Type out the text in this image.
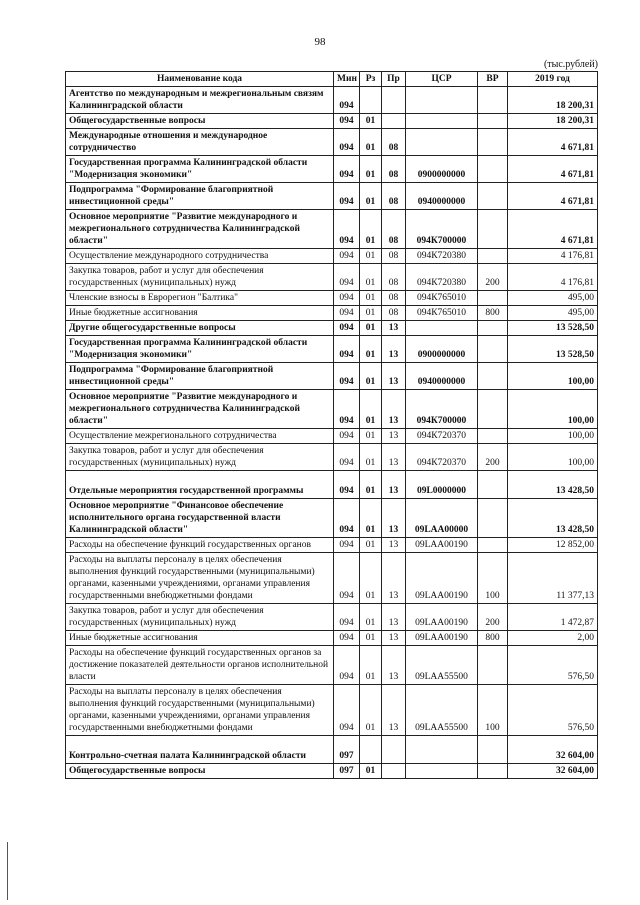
98
(тыс.рублей)
Наименование кода	Мин	Рз	Пр	ЦСР	ВР	2019 год
Агентство по международным и межрегиональным связям Калининградской области	094					18 200,31
Общегосударственные вопросы	094	01				18 200,31
Международные отношения и международное сотрудничество	094	01	08			4 671,81
Государственная программа Калининградской области "Модернизация экономики"	094	01	08	0900000000		4 671,81
Подпрограмма "Формирование благоприятной инвестиционной среды"	094	01	08	0940000000		4 671,81
Основное мероприятие "Развитие международного и межрегионального сотрудничества Калининградской области"	094	01	08	094К700000		4 671,81
Осуществление международного сотрудничества	094	01	08	094К720380		4 176,81
Закупка товаров, работ и услуг для обеспечения государственных (муниципальных) нужд	094	01	08	094К720380	200	4 176,81
Членские взносы в Еврорегион "Балтика"	094	01	08	094К765010		495,00
Иные бюджетные ассигнования	094	01	08	094К765010	800	495,00
Другие общегосударственные вопросы	094	01	13			13 528,50
Государственная программа Калининградской области "Модернизация экономики"	094	01	13	0900000000		13 528,50
Подпрограмма "Формирование благоприятной инвестиционной среды"	094	01	13	0940000000		100,00
Основное мероприятие "Развитие международного и межрегионального сотрудничества Калининградской области"	094	01	13	094К700000		100,00
Осуществление межрегионального сотрудничества	094	01	13	094К720370		100,00
Закупка товаров, работ и услуг для обеспечения государственных (муниципальных) нужд	094	01	13	094К720370	200	100,00
Отдельные мероприятия государственной программы	094	01	13	09L0000000		13 428,50
Основное мероприятие "Финансовое обеспечение исполнительного органа государственной власти Калининградской области"	094	01	13	09LAA00000		13 428,50
Расходы на обеспечение функций государственных органов	094	01	13	09LAA00190		12 852,00
Расходы на выплаты персоналу в целях обеспечения выполнения функций государственными (муниципальными) органами, казенными учреждениями, органами управления государственными внебюджетными фондами	094	01	13	09LAA00190	100	11 377,13
Закупка товаров, работ и услуг для обеспечения государственных (муниципальных) нужд	094	01	13	09LAA00190	200	1 472,87
Иные бюджетные ассигнования	094	01	13	09LAA00190	800	2,00
Расходы на обеспечение функций государственных органов за достижение показателей деятельности органов исполнительной власти	094	01	13	09LAA55500		576,50
Расходы на выплаты персоналу в целях обеспечения выполнения функций государственными (муниципальными) органами, казенными учреждениями, органами управления государственными внебюджетными фондами	094	01	13	09LAA55500	100	576,50
Контрольно-счетная палата Калининградской области	097					32 604,00
Общегосударственные вопросы	097	01				32 604,00
